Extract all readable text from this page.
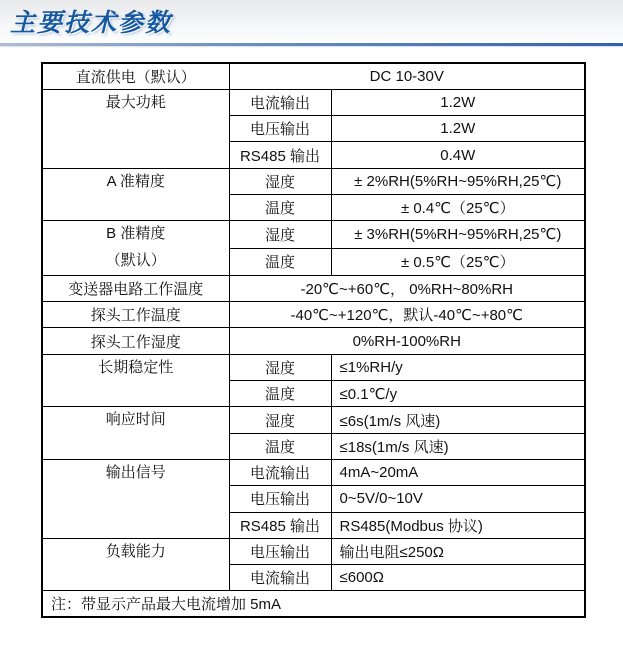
主要技术参数
直流供电（默认）	DC 10-30V	
最大功耗	电流输出	1.2W
	电压输出	1.2W
	RS485 输出	0.4W
A 准精度	湿度	± 2%RH(5%RH~95%RH,25℃)
	温度	± 0.4℃（25℃）

B 准精度
（默认）	湿度	± 3%RH(5%RH~95%RH,25℃)
	温度	± 0.5℃（25℃）
变送器电路工作温度	-20℃~+60℃， 0%RH~80%RH	
探头工作温度	-40℃~+120℃，默认-40℃~+80℃	
探头工作湿度	0%RH-100%RH	
长期稳定性	湿度	≤1%RH/y
	温度	≤0.1℃/y
响应时间	湿度	≤6s(1m/s 风速)
	温度	≤18s(1m/s 风速)
输出信号	电流输出	4mA~20mA
	电压输出	0~5V/0~10V
	RS485 输出	RS485(Modbus 协议)
负载能力	电压输出	输出电阻≤250Ω
	电流输出	≤600Ω
注：带显示产品最大电流增加 5mA		
